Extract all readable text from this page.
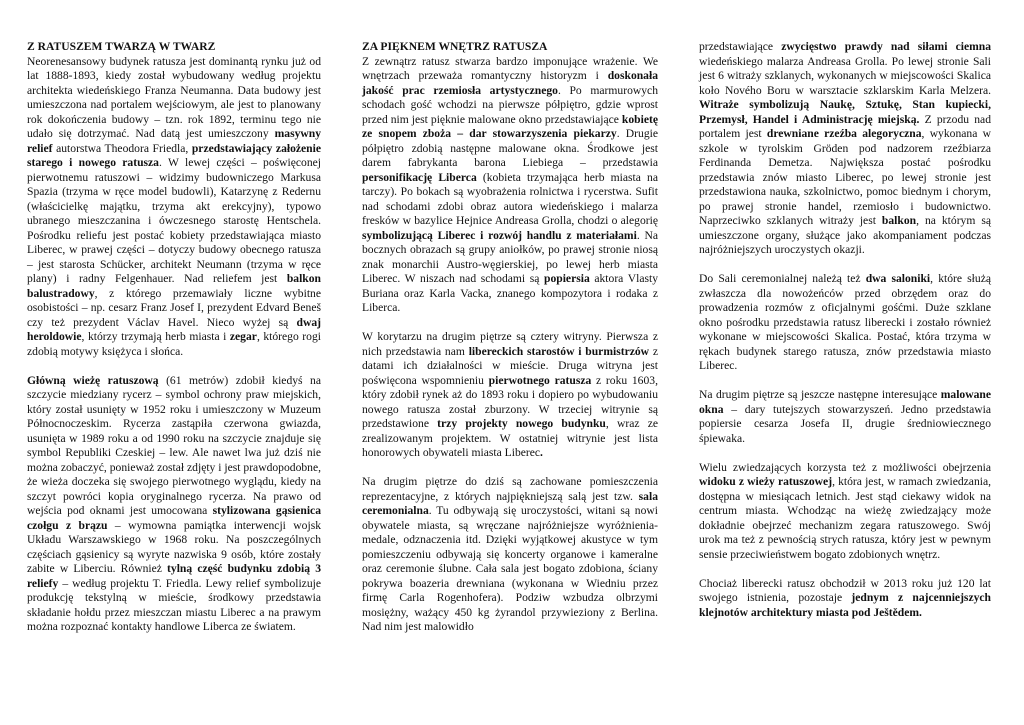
Z RATUSZEM TWARZĄ W TWARZ

Neorenesansowy budynek ratusza jest dominantą rynku już od lat 1888-1893, kiedy został wybudowany według projektu architekta wiedeńskiego Franza Neumanna. Data budowy jest umieszczona nad portalem wejściowym, ale jest to planowany rok dokończenia budowy – tzn. rok 1892, terminu tego nie udało się dotrzymać. Nad datą jest umieszczony masywny relief autorstwa Theodora Friedla, przedstawiający założenie starego i nowego ratusza. W lewej części – poświęconej pierwotnemu ratuszowi – widzimy budowniczego Markusa Spazia (trzyma w ręce model budowli), Katarzynę z Redernu (właścicielkę majątku, trzyma akt erekcyjny), typowo ubranego mieszczanina i ówczesnego starostę Hentschela. Pośrodku reliefu jest postać kobiety przedstawiająca miasto Liberec, w prawej części – dotyczy budowy obecnego ratusza – jest starosta Schücker, architekt Neumann (trzyma w ręce plany) i radny Felgenhauer. Nad reliefem jest balkon balustradowy, z którego przemawiały liczne wybitne osobistości – np. cesarz Franz Josef I, prezydent Edvard Beneš czy też prezydent Václav Havel. Nieco wyżej są dwaj heroldowie, którzy trzymają herb miasta i zegar, którego rogi zdobią motywy księżyca i słońca.

Główną wieżę ratuszową (61 metrów) zdobił kiedyś na szczycie miedziany rycerz – symbol ochrony praw miejskich, który został usunięty w 1952 roku i umieszczony w Muzeum Północnoczeskim. Rycerza zastąpiła czerwona gwiazda, usunięta w 1989 roku a od 1990 roku na szczycie znajduje się symbol Republiki Czeskiej – lew. Ale nawet lwa już dziś nie można zobaczyć, ponieważ został zdjęty i jest prawdopodobne, że wieża doczeka się swojego pierwotnego wyglądu, kiedy na szczyt powróci kopia oryginalnego rycerza. Na prawo od wejścia pod oknami jest umocowana stylizowana gąsienica czołgu z brązu – wymowna pamiątka interwencji wojsk Układu Warszawskiego w 1968 roku. Na poszczególnych częściach gąsienicy są wyryte nazwiska 9 osób, które zostały zabite w Liberciu. Również tylną część budynku zdobią 3 reliefy – według projektu T. Friedla. Lewy relief symbolizuje produkcję tekstylną w mieście, środkowy przedstawia składanie hołdu przez mieszczan miastu Liberec a na prawym można rozpoznać kontakty handlowe Liberca ze światem.

ZA PIĘKNEM WNĘTRZ RATUSZA

Z zewnątrz ratusz stwarza bardzo imponujące wrażenie. We wnętrzach przeważa romantyczny historyzm i doskonała jakość prac rzemiosła artystycznego. Po marmurowych schodach gość wchodzi na pierwsze półpiętro, gdzie wprost przed nim jest pięknie malowane okno przedstawiające kobietę ze snopem zboża – dar stowarzyszenia piekarzy. Drugie półpiętro zdobią następne malowane okna. Środkowe jest darem fabrykanta barona Liebiega – przedstawia personifikację Liberca (kobieta trzymająca herb miasta na tarczy). Po bokach są wyobrażenia rolnictwa i rycerstwa. Sufit nad schodami zdobi obraz autora wiedeńskiego i malarza fresków w bazylice Hejnice Andreasa Grolla, chodzi o alegorię symbolizującą Liberec i rozwój handlu z materiałami. Na bocznych obrazach są grupy aniołków, po prawej stronie niosą znak monarchii Austro-węgierskiej, po lewej herb miasta Liberec. W niszach nad schodami są popiersia aktora Vlasty Buriana oraz Karla Vacka, znanego kompozytora i rodaka z Liberca.

W korytarzu na drugim piętrze są cztery witryny. Pierwsza z nich przedstawia nam libereckich starostów i burmistrzów z datami ich działalności w mieście. Druga witryna jest poświęcona wspomnieniu pierwotnego ratusza z roku 1603, który zdobił rynek aż do 1893 roku i dopiero po wybudowaniu nowego ratusza został zburzony. W trzeciej witrynie są przedstawione trzy projekty nowego budynku, wraz ze zrealizowanym projektem. W ostatniej witrynie jest lista honorowych obywateli miasta Liberec.

Na drugim piętrze do dziś są zachowane pomieszczenia reprezentacyjne, z których najpiękniejszą salą jest tzw. sala ceremonialna. Tu odbywają się uroczystości, witani są nowi obywatele miasta, są wręczane najróżniejsze wyróżnienia-medale, odznaczenia itd. Dzięki wyjątkowej akustyce w tym pomieszczeniu odbywają się koncerty organowe i kameralne oraz ceremonie ślubne. Cała sala jest bogato zdobiona, ściany pokrywa boazeria drewniana (wykonana w Wiedniu przez firmę Carla Rogenhofera). Podziw wzbudza olbrzymi mosiężny, ważący 450 kg żyrandol przywieziony z Berlina. Nad nim jest malowidło

przedstawiające zwycięstwo prawdy nad siłami ciemna wiedeńskiego malarza Andreasa Grolla. Po lewej stronie Sali jest 6 witraży szklanych, wykonanych w miejscowości Skalica koło Nového Boru w warsztacie szklarskim Karla Melzera. Witraże symbolizują Naukę, Sztukę, Stan kupiecki, Przemysł, Handel i Administrację miejską. Z przodu nad portalem jest drewniane rzeźba alegoryczna, wykonana w szkole w tyrolskim Gröden pod nadzorem rzeźbiarza Ferdinanda Demetza. Największa postać pośrodku przedstawia znów miasto Liberec, po lewej stronie jest przedstawiona nauka, szkolnictwo, pomoc biednym i chorym, po prawej stronie handel, rzemiosło i budownictwo. Naprzeciwko szklanych witraży jest balkon, na którym są umieszczone organy, służące jako akompaniament podczas najróżniejszych uroczystych okazji.

Do Sali ceremonialnej należą też dwa saloniki, które służą zwłaszcza dla nowożeńców przed obrzędem oraz do prowadzenia rozmów z oficjalnymi gośćmi. Duże szklane okno pośrodku przedstawia ratusz liberecki i zostało również wykonane w miejscowości Skalica. Postać, która trzyma w rękach budynek starego ratusza, znów przedstawia miasto Liberec.

Na drugim piętrze są jeszcze następne interesujące malowane okna – dary tutejszych stowarzyszeń. Jedno przedstawia popiersie cesarza Josefa II, drugie średniowiecznego śpiewaka.

Wielu zwiedzających korzysta też z możliwości obejrzenia widoku z wieży ratuszowej, która jest, w ramach zwiedzania, dostępna w miesiącach letnich. Jest stąd ciekawy widok na centrum miasta. Wchodząc na wieżę zwiedzający może dokładnie obejrzeć mechanizm zegara ratuszowego. Swój urok ma też z pewnością strych ratusza, który jest w pewnym sensie przeciwieństwem bogato zdobionych wnętrz.

Chociaż liberecki ratusz obchodził w 2013 roku już 120 lat swojego istnienia, pozostaje jednym z najcenniejszych klejnotów architektury miasta pod Ještědem.
